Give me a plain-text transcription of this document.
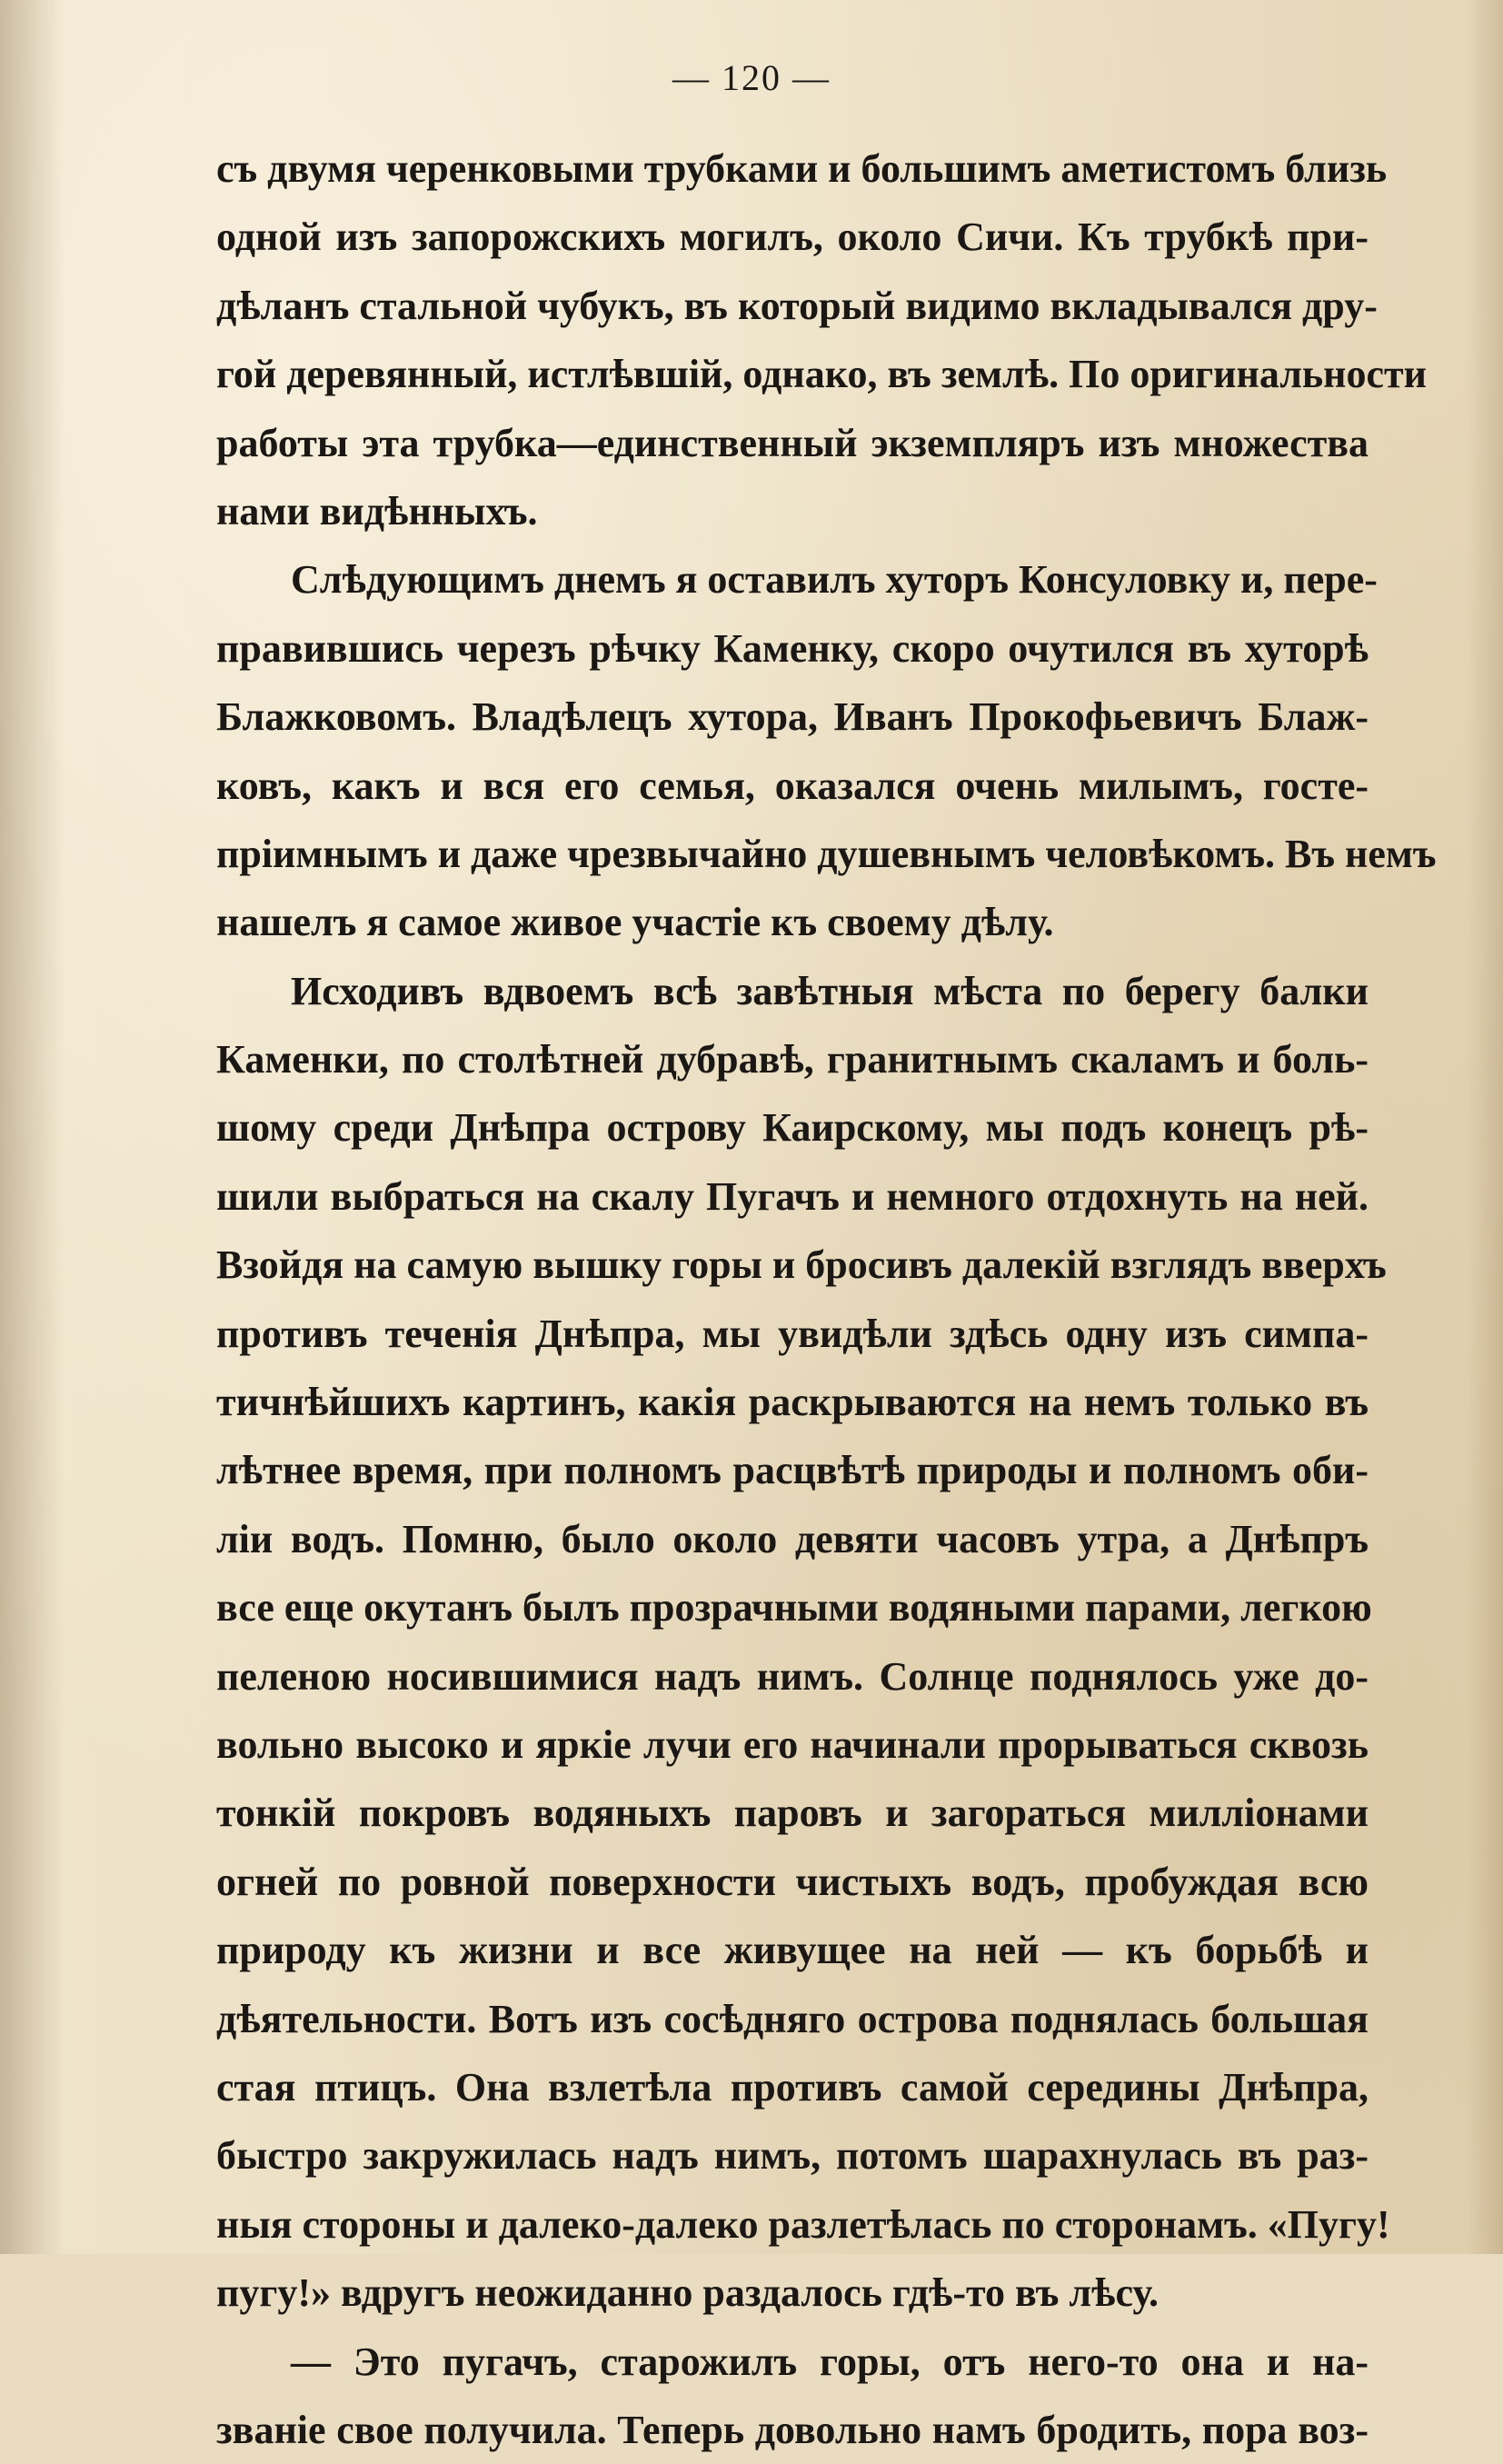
— 120 —
съ двумя черенковыми трубками и большимъ аметистомъ близь
одной изъ запорожскихъ могилъ, около Сичи. Къ трубкѣ при-
дѣланъ стальной чубукъ, въ который видимо вкладывался дру-
гой деревянный, истлѣвшій, однако, въ землѣ. По оригинальности
работы эта трубка—единственный экземпляръ изъ множества
нами видѣнныхъ.
Слѣдующимъ днемъ я оставилъ хуторъ Консуловку и, пере-
правившись черезъ рѣчку Каменку, скоро очутился въ хуторѣ
Блажковомъ. Владѣлецъ хутора, Иванъ Прокофьевичъ Блаж-
ковъ, какъ и вся его семья, оказался очень милымъ, госте-
пріимнымъ и даже чрезвычайно душевнымъ человѣкомъ. Въ немъ
нашелъ я самое живое участіе къ своему дѣлу.
Исходивъ вдвоемъ всѣ завѣтныя мѣста по берегу балки
Каменки, по столѣтней дубравѣ, гранитнымъ скаламъ и боль-
шому среди Днѣпра острову Каирскому, мы подъ конецъ рѣ-
шили выбраться на скалу Пугачъ и немного отдохнуть на ней.
Взойдя на самую вышку горы и бросивъ далекій взглядъ вверхъ
противъ теченія Днѣпра, мы увидѣли здѣсь одну изъ симпа-
тичнѣйшихъ картинъ, какія раскрываются на немъ только въ
лѣтнее время, при полномъ расцвѣтѣ природы и полномъ оби-
ліи водъ. Помню, было около девяти часовъ утра, а Днѣпръ
все еще окутанъ былъ прозрачными водяными парами, легкою
пеленою носившимися надъ нимъ. Солнце поднялось уже до-
вольно высоко и яркіе лучи его начинали прорываться сквозь
тонкій покровъ водяныхъ паровъ и загораться милліонами
огней по ровной поверхности чистыхъ водъ, пробуждая всю
природу къ жизни и все живущее на ней — къ борьбѣ и
дѣятельности. Вотъ изъ сосѣдняго острова поднялась большая
стая птицъ. Она взлетѣла противъ самой середины Днѣпра,
быстро закружилась надъ нимъ, потомъ шарахнулась въ раз-
ныя стороны и далеко-далеко разлетѣлась по сторонамъ. «Пугу!
пугу!» вдругъ неожиданно раздалось гдѣ-то въ лѣсу.
— Это пугачъ, старожилъ горы, отъ него-то она и на-
званіе свое получила. Теперь довольно намъ бродить, пора воз-
